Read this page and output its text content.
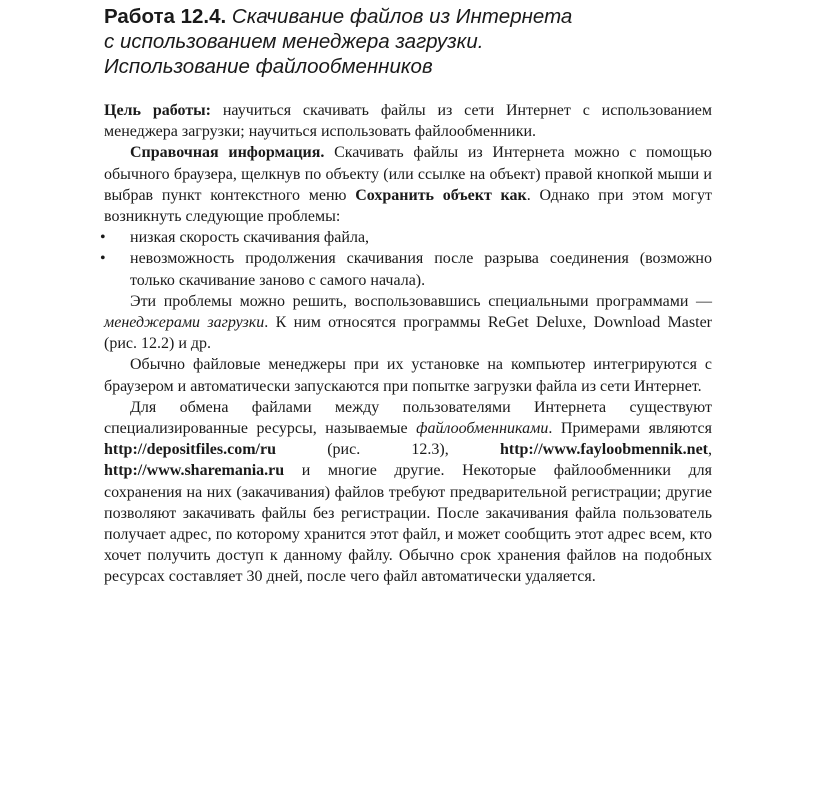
Работа 12.4. Скачивание файлов из Интернета
с использованием менеджера загрузки.
Использование файлообменников

Цель работы: научиться скачивать файлы из сети Интернет с использованием менеджера загрузки; научиться использовать файлообменники.

Справочная информация. Скачивать файлы из Интернета можно с помощью обычного браузера, щелкнув по объекту (или ссылке на объект) правой кнопкой мыши и выбрав пункт контекстного меню Сохранить объект как. Однако при этом могут возникнуть следующие проблемы:

• низкая скорость скачивания файла,
• невозможность продолжения скачивания после разрыва соединения (возможно только скачивание заново с самого начала).

Эти проблемы можно решить, воспользовавшись специальными программами — менеджерами загрузки. К ним относятся программы ReGet Deluxe, Download Master (рис. 12.2) и др.

Обычно файловые менеджеры при их установке на компьютер интегрируются с браузером и автоматически запускаются при попытке загрузки файла из сети Интернет.

Для обмена файлами между пользователями Интернета существуют специализированные ресурсы, называемые файлообменниками. Примерами являются http://depositfiles.com/ru (рис. 12.3), http://www.fayloobmennik.net, http://www.sharemania.ru и многие другие. Некоторые файлообменники для сохранения на них (закачивания) файлов требуют предварительной регистрации; другие позволяют закачивать файлы без регистрации. После закачивания файла пользователь получает адрес, по которому хранится этот файл, и может сообщить этот адрес всем, кто хочет получить доступ к данному файлу. Обычно срок хранения файлов на подобных ресурсах составляет 30 дней, после чего файл автоматически удаляется.
